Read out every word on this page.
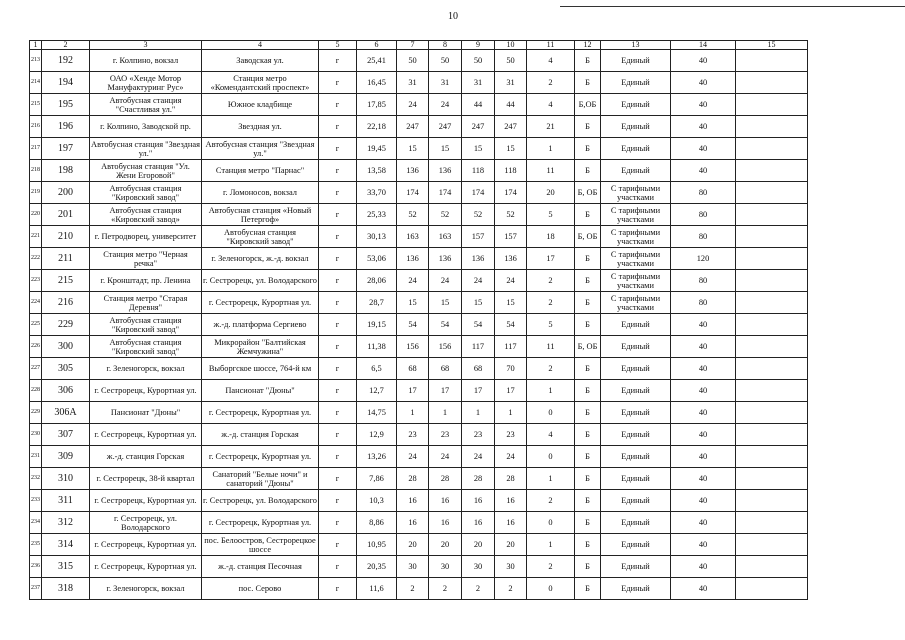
10
1	2	3	4	5	6	7	8	9	10	11	12	13	14	15
213	192	г. Колпино, вокзал	Заводская ул.	г	25,41	50	50	50	50	4	Б	Единый	40	
214	194	ОАО «Хенде Мотор Мануфактуринг Рус»	Станция метро «Комендантский проспект»	г	16,45	31	31	31	31	2	Б	Единый	40	
215	195	Автобусная станция "Счастливая ул."	Южное кладбище	г	17,85	24	24	44	44	4	Б,ОБ	Единый	40	
216	196	г. Колпино, Заводской пр.	Звездная ул.	г	22,18	247	247	247	247	21	Б	Единый	40	
217	197	Автобусная станция "Звездная ул."	Автобусная станция "Звездная ул."	г	19,45	15	15	15	15	1	Б	Единый	40	
218	198	Автобусная станция "Ул. Жени Егоровой"	Станция метро "Парнас"	г	13,58	136	136	118	118	11	Б	Единый	40	
219	200	Автобусная станция "Кировский завод"	г. Ломоносов, вокзал	г	33,70	174	174	174	174	20	Б, ОБ	С тарифными участками	80	
220	201	Автобусная станция «Кировский завод»	Автобусная станция «Новый Петергоф»	г	25,33	52	52	52	52	5	Б	С тарифными участками	80	
221	210	г. Петродворец, университет	Автобусная станция "Кировский завод"	г	30,13	163	163	157	157	18	Б, ОБ	С тарифными участками	80	
222	211	Станция метро "Черная речка"	г. Зеленогорск, ж.-д. вокзал	г	53,06	136	136	136	136	17	Б	С тарифными участками	120	
223	215	г. Кронштадт, пр. Ленина	г. Сестрорецк, ул. Володарского	г	28,06	24	24	24	24	2	Б	С тарифными участками	80	
224	216	Станция метро "Старая Деревня"	г. Сестрорецк, Курортная ул.	г	28,7	15	15	15	15	2	Б	С тарифными участками	80	
225	229	Автобусная станция "Кировский завод"	ж.-д. платформа Сергиево	г	19,15	54	54	54	54	5	Б	Единый	40	
226	300	Автобусная станция "Кировский завод"	Микрорайон "Балтийская Жемчужина"	г	11,38	156	156	117	117	11	Б, ОБ	Единый	40	
227	305	г. Зеленогорск, вокзал	Выборгское шоссе, 764-й км	г	6,5	68	68	68	70	2	Б	Единый	40	
228	306	г. Сестрорецк, Курортная ул.	Пансионат "Дюны"	г	12,7	17	17	17	17	1	Б	Единый	40	
229	306А	Пансионат "Дюны"	г. Сестрорецк, Курортная ул.	г	14,75	1	1	1	1	0	Б	Единый	40	
230	307	г. Сестрорецк, Курортная ул.	ж.-д. станция Горская	г	12,9	23	23	23	23	4	Б	Единый	40	
231	309	ж.-д. станция Горская	г. Сестрорецк, Курортная ул.	г	13,26	24	24	24	24	0	Б	Единый	40	
232	310	г. Сестрорецк, 38-й квартал	Санаторий "Белые ночи" и санаторий "Дюны"	г	7,86	28	28	28	28	1	Б	Единый	40	
233	311	г. Сестрорецк, Курортная ул.	г. Сестрорецк, ул. Володарского	г	10,3	16	16	16	16	2	Б	Единый	40	
234	312	г. Сестрорецк, ул. Володарского	г. Сестрорецк, Курортная ул.	г	8,86	16	16	16	16	0	Б	Единый	40	
235	314	г. Сестрорецк, Курортная ул.	пос. Белоостров, Сестрорецкое шоссе	г	10,95	20	20	20	20	1	Б	Единый	40	
236	315	г. Сестрорецк, Курортная ул.	ж.-д. станция Песочная	г	20,35	30	30	30	30	2	Б	Единый	40	
237	318	г. Зеленогорск, вокзал	пос. Серово	г	11,6	2	2	2	2	0	Б	Единый	40	
